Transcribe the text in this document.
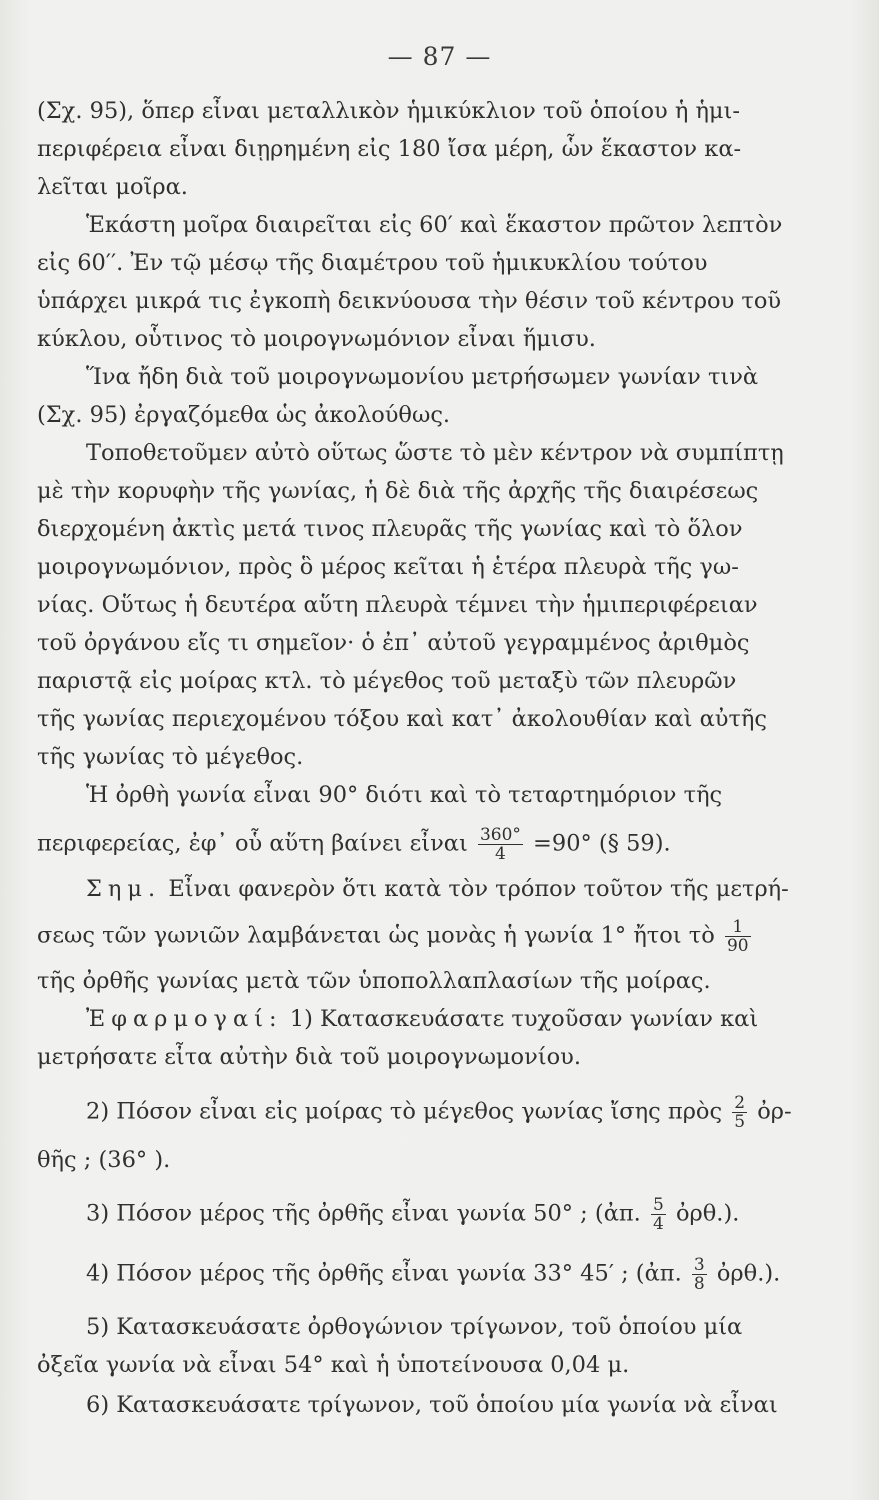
— 87 —
(Σχ. 95), ὅπερ εἶναι μεταλλικὸν ἡμικύκλιον τοῦ ὁποίου ἡ ἡμι-
περιφέρεια εἶναι διῃρημένη εἰς 180 ἴσα μέρη, ὧν ἕκαστον κα-
λεῖται μοῖρα.
Ἑκάστη μοῖρα διαιρεῖται εἰς 60′ καὶ ἕκαστον πρῶτον λεπτὸν
εἰς 60′′. Ἐν τῷ μέσῳ τῆς διαμέτρου τοῦ ἡμικυκλίου τούτου
ὑπάρχει μικρά τις ἐγκοπὴ δεικνύουσα τὴν θέσιν τοῦ κέντρου τοῦ
κύκλου, οὗτινος τὸ μοιρογνωμόνιον εἶναι ἥμισυ.
Ἵνα ἤδη διὰ τοῦ μοιρογνωμονίου μετρήσωμεν γωνίαν τινὰ
(Σχ. 95) ἐργαζόμεθα ὡς ἀκολούθως.
Τοποθετοῦμεν αὐτὸ οὕτως ὥστε τὸ μὲν κέντρον νὰ συμπίπτῃ
μὲ τὴν κορυφὴν τῆς γωνίας, ἡ δὲ διὰ τῆς ἀρχῆς τῆς διαιρέσεως
διερχομένη ἀκτὶς μετά τινος πλευρᾶς τῆς γωνίας καὶ τὸ ὅλον
μοιρογνωμόνιον, πρὸς ὃ μέρος κεῖται ἡ ἑτέρα πλευρὰ τῆς γω-
νίας. Οὕτως ἡ δευτέρα αὕτη πλευρὰ τέμνει τὴν ἡμιπεριφέρειαν
τοῦ ὀργάνου εἴς τι σημεῖον· ὁ ἐπ᾽ αὐτοῦ γεγραμμένος ἀριθμὸς
παριστᾷ εἰς μοίρας κτλ. τὸ μέγεθος τοῦ μεταξὺ τῶν πλευρῶν
τῆς γωνίας περιεχομένου τόξου καὶ κατ᾽ ἀκολουθίαν καὶ αὐτῆς
τῆς γωνίας τὸ μέγεθος.
Ἡ ὀρθὴ γωνία εἶναι 90° διότι καὶ τὸ τεταρτημόριον τῆς
περιφερείας, ἐφ᾽ οὗ αὕτη βαίνει εἶναι $\frac{360^\circ}{4} =90^\circ$ (§ 59).
Σημ. Εἶναι φανερὸν ὅτι κατὰ τὸν τρόπον τοῦτον τῆς μετρή-
σεως τῶν γωνιῶν λαμβάνεται ὡς μονὰς ἡ γωνία 1° ἤτοι τὸ $\frac{1}{90}$
τῆς ὀρθῆς γωνίας μετὰ τῶν ὑποπολλαπλασίων τῆς μοίρας.
Ἐφαρμογαί: 1) Κατασκευάσατε τυχοῦσαν γωνίαν καὶ
μετρήσατε εἶτα αὐτὴν διὰ τοῦ μοιρογνωμονίου.
2) Πόσον εἶναι εἰς μοίρας τὸ μέγεθος γωνίας ἴσης πρὸς $\frac{2}{5}$ ὀρ-
θῆς ; (36° ).
3) Πόσον μέρος τῆς ὀρθῆς εἶναι γωνία 50° ; (ἀπ. $\frac{5}{4}$ ὀρθ.).
4) Πόσον μέρος τῆς ὀρθῆς εἶναι γωνία 33° 45′ ; (ἀπ. $\frac{3}{8}$ ὀρθ.).
5) Κατασκευάσατε ὀρθογώνιον τρίγωνον, τοῦ ὁποίου μία
ὀξεῖα γωνία νὰ εἶναι 54° καὶ ἡ ὑποτείνουσα 0,04 μ.
6) Κατασκευάσατε τρίγωνον, τοῦ ὁποίου μία γωνία νὰ εἶναι
